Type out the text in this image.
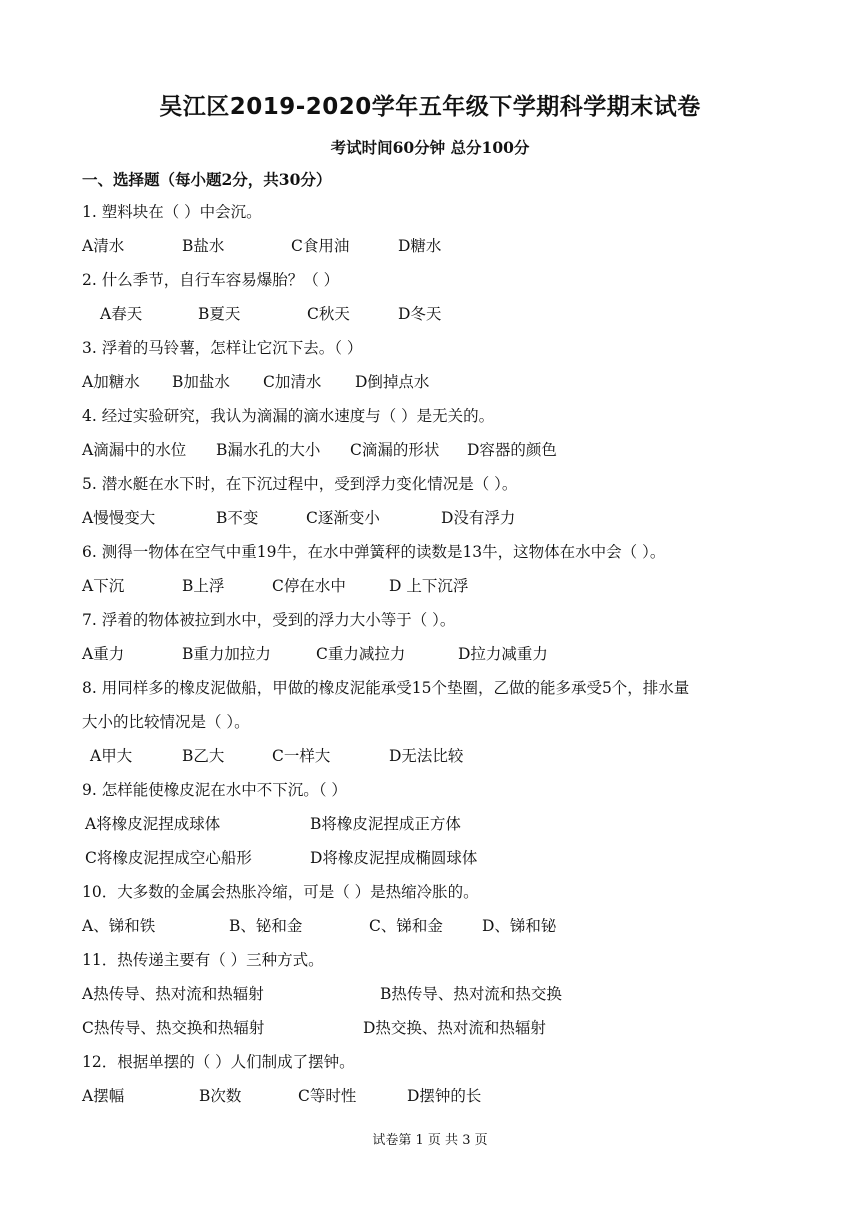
吴江区2019-2020学年五年级下学期科学期末试卷
考试时间60分钟 总分100分
一、选择题（每小题2分，共30分）
1. 塑料块在（ ）中会沉。
A清水	B盐水	C食用油	D糖水
2. 什么季节，自行车容易爆胎？（ ）
A春天	B夏天	C秋天	D冬天
3. 浮着的马铃薯，怎样让它沉下去。（ ）
A加糖水 B加盐水 C加清水 D倒掉点水
4. 经过实验研究，我认为滴漏的滴水速度与（ ）是无关的。
A滴漏中的水位 B漏水孔的大小 C滴漏的形状 D容器的颜色
5. 潜水艇在水下时，在下沉过程中，受到浮力变化情况是（ ）。
A慢慢变大	B不变	C逐渐变小	D没有浮力
6. 测得一物体在空气中重19牛，在水中弹簧秤的读数是13牛，这物体在水中会（ ）。
A下沉	B上浮	C停在水中	D 上下沉浮
7. 浮着的物体被拉到水中，受到的浮力大小等于（ ）。
A重力	B重力加拉力	C重力减拉力	D拉力减重力
8. 用同样多的橡皮泥做船，甲做的橡皮泥能承受15个垫圈，乙做的能多承受5个，排水量
大小的比较情况是（ ）。
A甲大	B乙大	C一样大	D无法比较
9. 怎样能使橡皮泥在水中不下沉。（ ）
A将橡皮泥捏成球体	B将橡皮泥捏成正方体
C将橡皮泥捏成空心船形	D将橡皮泥捏成椭圆球体
10．大多数的金属会热胀冷缩，可是（ ）是热缩冷胀的。
A、锑和铁	B、铋和金	C、锑和金	D、锑和铋
11．热传递主要有（ ）三种方式。
A热传导、热对流和热辐射	B热传导、热对流和热交换
C热传导、热交换和热辐射	D热交换、热对流和热辐射
12．根据单摆的（ ）人们制成了摆钟。
A摆幅	B次数	C等时性	D摆钟的长
试卷第 1 页 共 3 页
